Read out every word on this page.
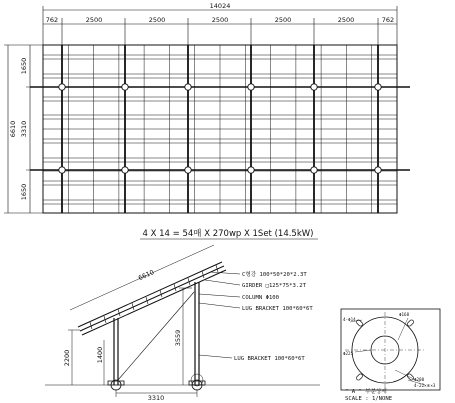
14024
762	2500	2500	2500	2500	2500	762
6610
1650
3310
1650
4 X 14 = 54매 X 270wp X 1Set (14.5kW)
6610
2200
3559
1400
3310
C형강 100*50*20*2.3T
GIRDER □125*75*3.2T
COLUMN Φ100
LUG BRACKET 100*60*6T
LUG BRACKET 100*60*6T
4-Φ14
Φ168
Φ225
Φ200
4-22×④×3
" A " 부분상세
SCALE : 1/NONE
